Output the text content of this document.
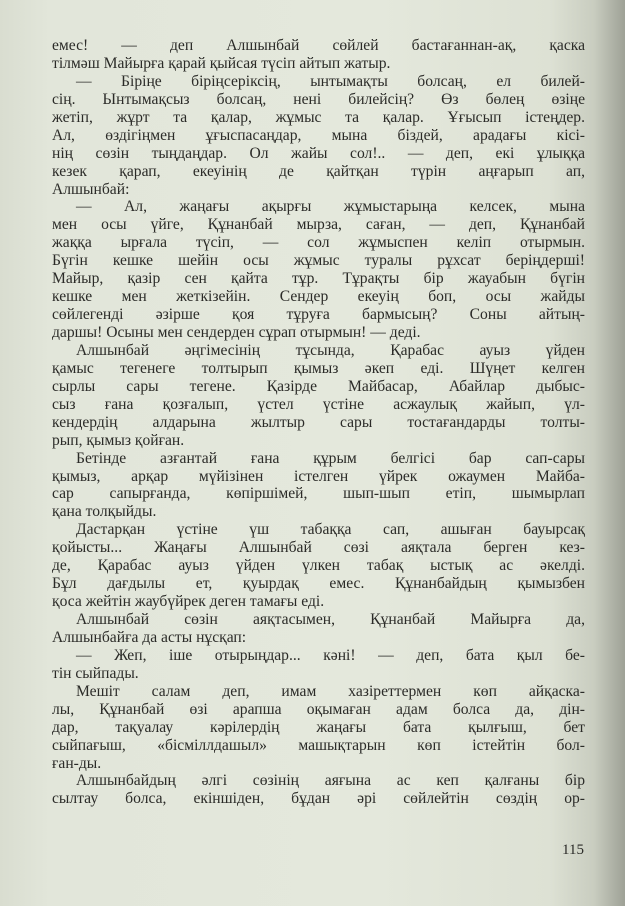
емес! — деп Алшынбай сөйлей бастағаннан-ақ, қаска
тілмәш Майырға қарай қыйсая түсіп айтып жатыр.
— Біріңе біріңсеріксің, ынтымақты болсаң, ел билей-
сің. Ынтымақсыз болсаң, нені билейсің? Өз бөлең өзіңе
жетіп, жұрт та қалар, жұмыс та қалар. Ұғысып істеңдер.
Ал, өздігіңмен ұғыспасаңдар, мына біздей, арадағы кісі-
нің сөзін тыңдаңдар. Ол жайы сол!.. — деп, екі ұлыққа
кезек қарап, екеуінің де қайтқан түрін аңғарып ап,
Алшынбай:
— Ал, жаңағы ақырғы жұмыстарыңа келсек, мына
мен осы үйге, Құнанбай мырза, саған, — деп, Құнанбай
жаққа ырғала түсіп, — сол жұмыспен келіп отырмын.
Бүгін кешке шейін осы жұмыс туралы рұхсат беріңдерші!
Майыр, қазір сен қайта тұр. Тұрақты бір жауабын бүгін
кешке мен жеткізейін. Сендер екеуің боп, осы жайды
сөйлегенді әзірше қоя тұруға бармысың? Соны айтың-
даршы! Осыны мен сендерден сұрап отырмын! — деді.
Алшынбай әңгімесінің тұсында, Қарабас ауыз үйден
қамыс тегенеге толтырып қымыз әкеп еді. Шүңет келген
сырлы сары тегене. Қазірде Майбасар, Абайлар дыбыс-
сыз ғана қозғалып, үстел үстіне асжаулық жайып, үл-
кендердің алдарына жылтыр сары тостағандарды толты-
рып, қымыз қойған.
Бетінде азғантай ғана құрым белгісі бар сап-сары
қымыз, арқар мүйізінен істелген үйрек ожаумен Майба-
сар сапырғанда, көпіршімей, шып-шып етіп, шымырлап
қана толқыйды.
Дастарқан үстіне үш табаққа сап, ашыған бауырсақ
қойысты... Жаңағы Алшынбай сөзі аяқтала берген кез-
де, Қарабас ауыз үйден үлкен табақ ыстық ас әкелді.
Бұл дағдылы ет, қуырдақ емес. Құнанбайдың қымызбен
қоса жейтін жаубүйрек деген тамағы еді.
Алшынбай сөзін аяқтасымен, Құнанбай Майырға да,
Алшынбайға да асты нұсқап:
— Жеп, іше отырыңдар... кәні! — деп, бата қыл бе-
тін сыйпады.
Мешіт салам деп, имам хазіреттермен көп айқаска-
лы, Құнанбай өзі арапша оқымаған адам болса да, дін-
дар, тақуалау кәрілердің жаңағы бата қылғыш, бет
сыйпағыш, «бісміллдашыл» машықтарын көп істейтін бол-
ған-ды.
Алшынбайдың әлгі сөзінің аяғына ас кеп қалғаны бір
сылтау болса, екіншіден, бұдан әрі сөйлейтін сөздің ор-
115
